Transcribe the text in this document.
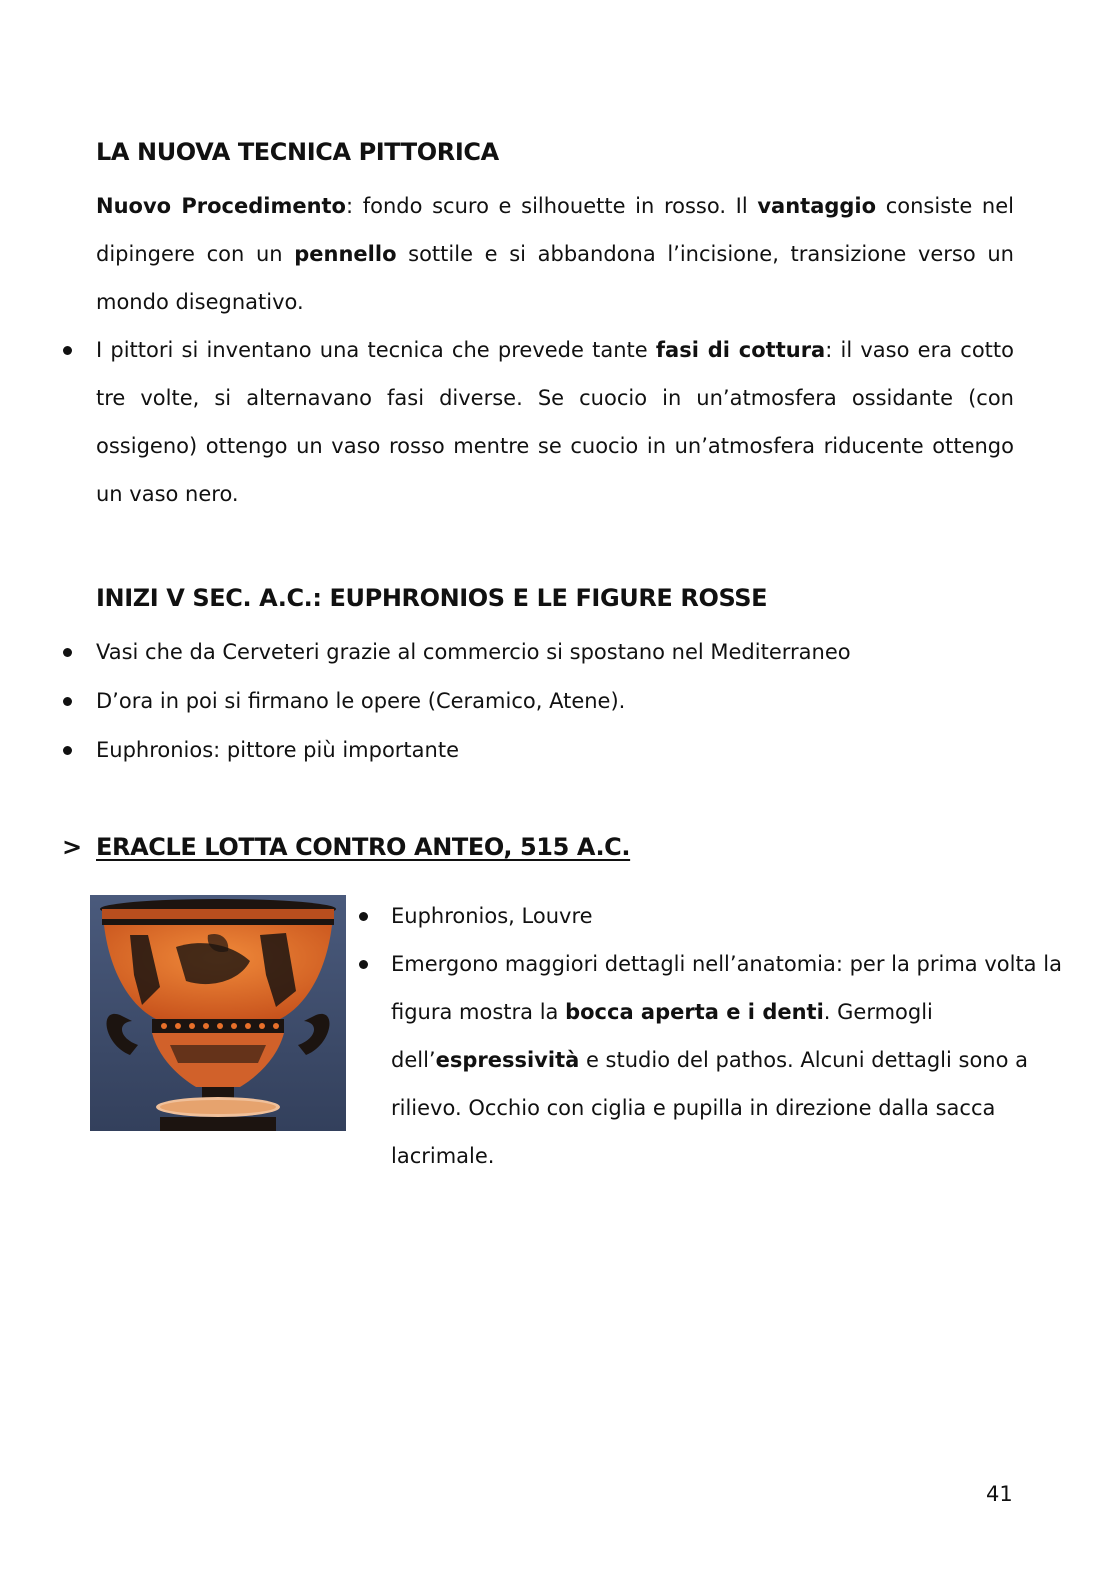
LA NUOVA TECNICA PITTORICA

Nuovo Procedimento: fondo scuro e silhouette in rosso. Il vantaggio consiste nel dipingere con un pennello sottile e si abbandona l’incisione, transizione verso un mondo disegnativo.

I pittori si inventano una tecnica che prevede tante fasi di cottura: il vaso era cotto tre volte, si alternavano fasi diverse. Se cuocio in un’atmosfera ossidante (con ossigeno) ottengo un vaso rosso mentre se cuocio in un’atmosfera riducente ottengo un vaso nero.

INIZI V SEC. A.C.: EUPHRONIOS E LE FIGURE ROSSE

Vasi che da Cerveteri grazie al commercio si spostano nel Mediterraneo

D’ora in poi si firmano le opere (Ceramico, Atene).

Euphronios: pittore più importante

> ERACLE LOTTA CONTRO ANTEO, 515 A.C.

Euphronios, Louvre

Emergono maggiori dettagli nell’anatomia: per la prima volta la figura mostra la bocca aperta e i denti. Germogli dell’espressività e studio del pathos. Alcuni dettagli sono a rilievo. Occhio con ciglia e pupilla in direzione dalla sacca lacrimale.

41
